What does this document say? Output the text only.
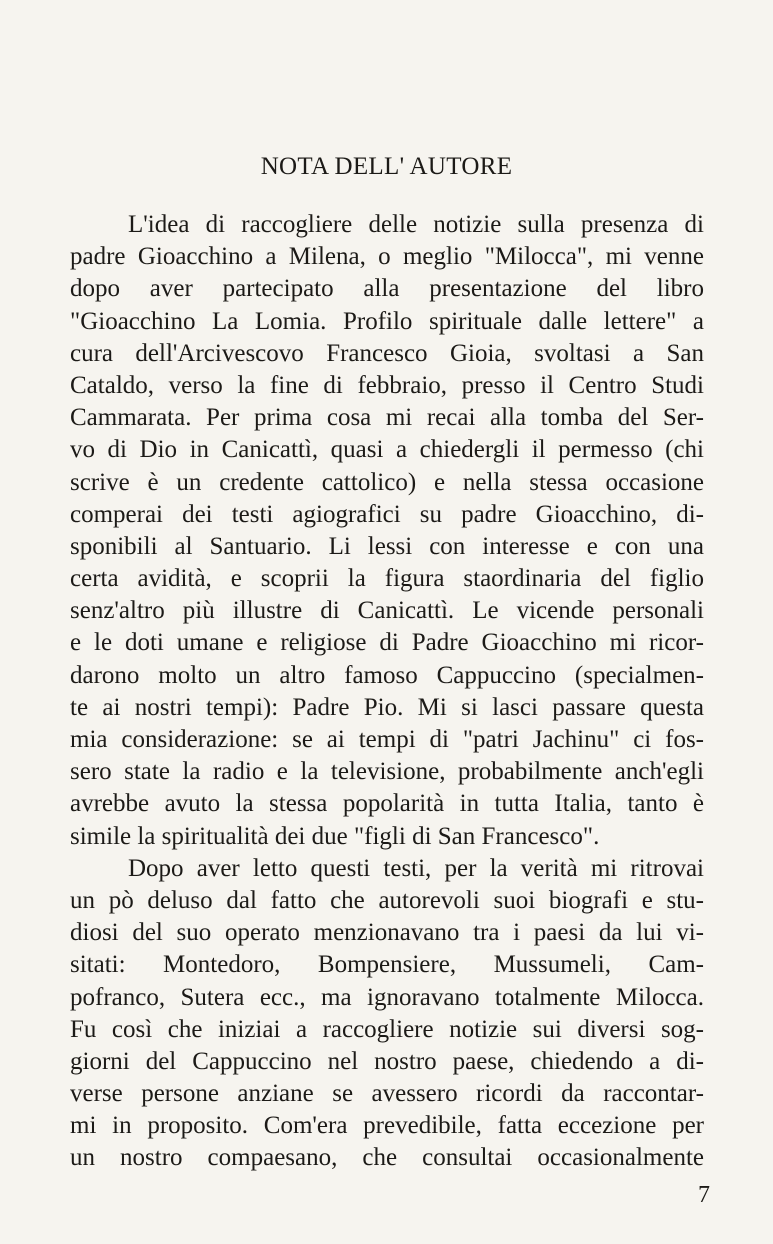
NOTA DELL' AUTORE
L'idea di raccogliere delle notizie sulla presenza di
padre Gioacchino a Milena, o meglio "Milocca", mi venne
dopo aver partecipato alla presentazione del libro
"Gioacchino La Lomia. Profilo spirituale dalle lettere" a
cura dell'Arcivescovo Francesco Gioia, svoltasi a San
Cataldo, verso la fine di febbraio, presso il Centro Studi
Cammarata. Per prima cosa mi recai alla tomba del Ser-
vo di Dio in Canicattì, quasi a chiedergli il permesso (chi
scrive è un credente cattolico) e nella stessa occasione
comperai dei testi agiografici su padre Gioacchino, di-
sponibili al Santuario. Li lessi con interesse e con una
certa avidità, e scoprii la figura staordinaria del figlio
senz'altro più illustre di Canicattì. Le vicende personali
e le doti umane e religiose di Padre Gioacchino mi ricor-
darono molto un altro famoso Cappuccino (specialmen-
te ai nostri tempi): Padre Pio. Mi si lasci passare questa
mia considerazione: se ai tempi di "patri Jachinu" ci fos-
sero state la radio e la televisione, probabilmente anch'egli
avrebbe avuto la stessa popolarità in tutta Italia, tanto è
simile la spiritualità dei due "figli di San Francesco".
Dopo aver letto questi testi, per la verità mi ritrovai
un pò deluso dal fatto che autorevoli suoi biografi e stu-
diosi del suo operato menzionavano tra i paesi da lui vi-
sitati: Montedoro, Bompensiere, Mussumeli, Cam-
pofranco, Sutera ecc., ma ignoravano totalmente Milocca.
Fu così che iniziai a raccogliere notizie sui diversi sog-
giorni del Cappuccino nel nostro paese, chiedendo a di-
verse persone anziane se avessero ricordi da raccontar-
mi in proposito. Com'era prevedibile, fatta eccezione per
un nostro compaesano, che consultai occasionalmente
7
